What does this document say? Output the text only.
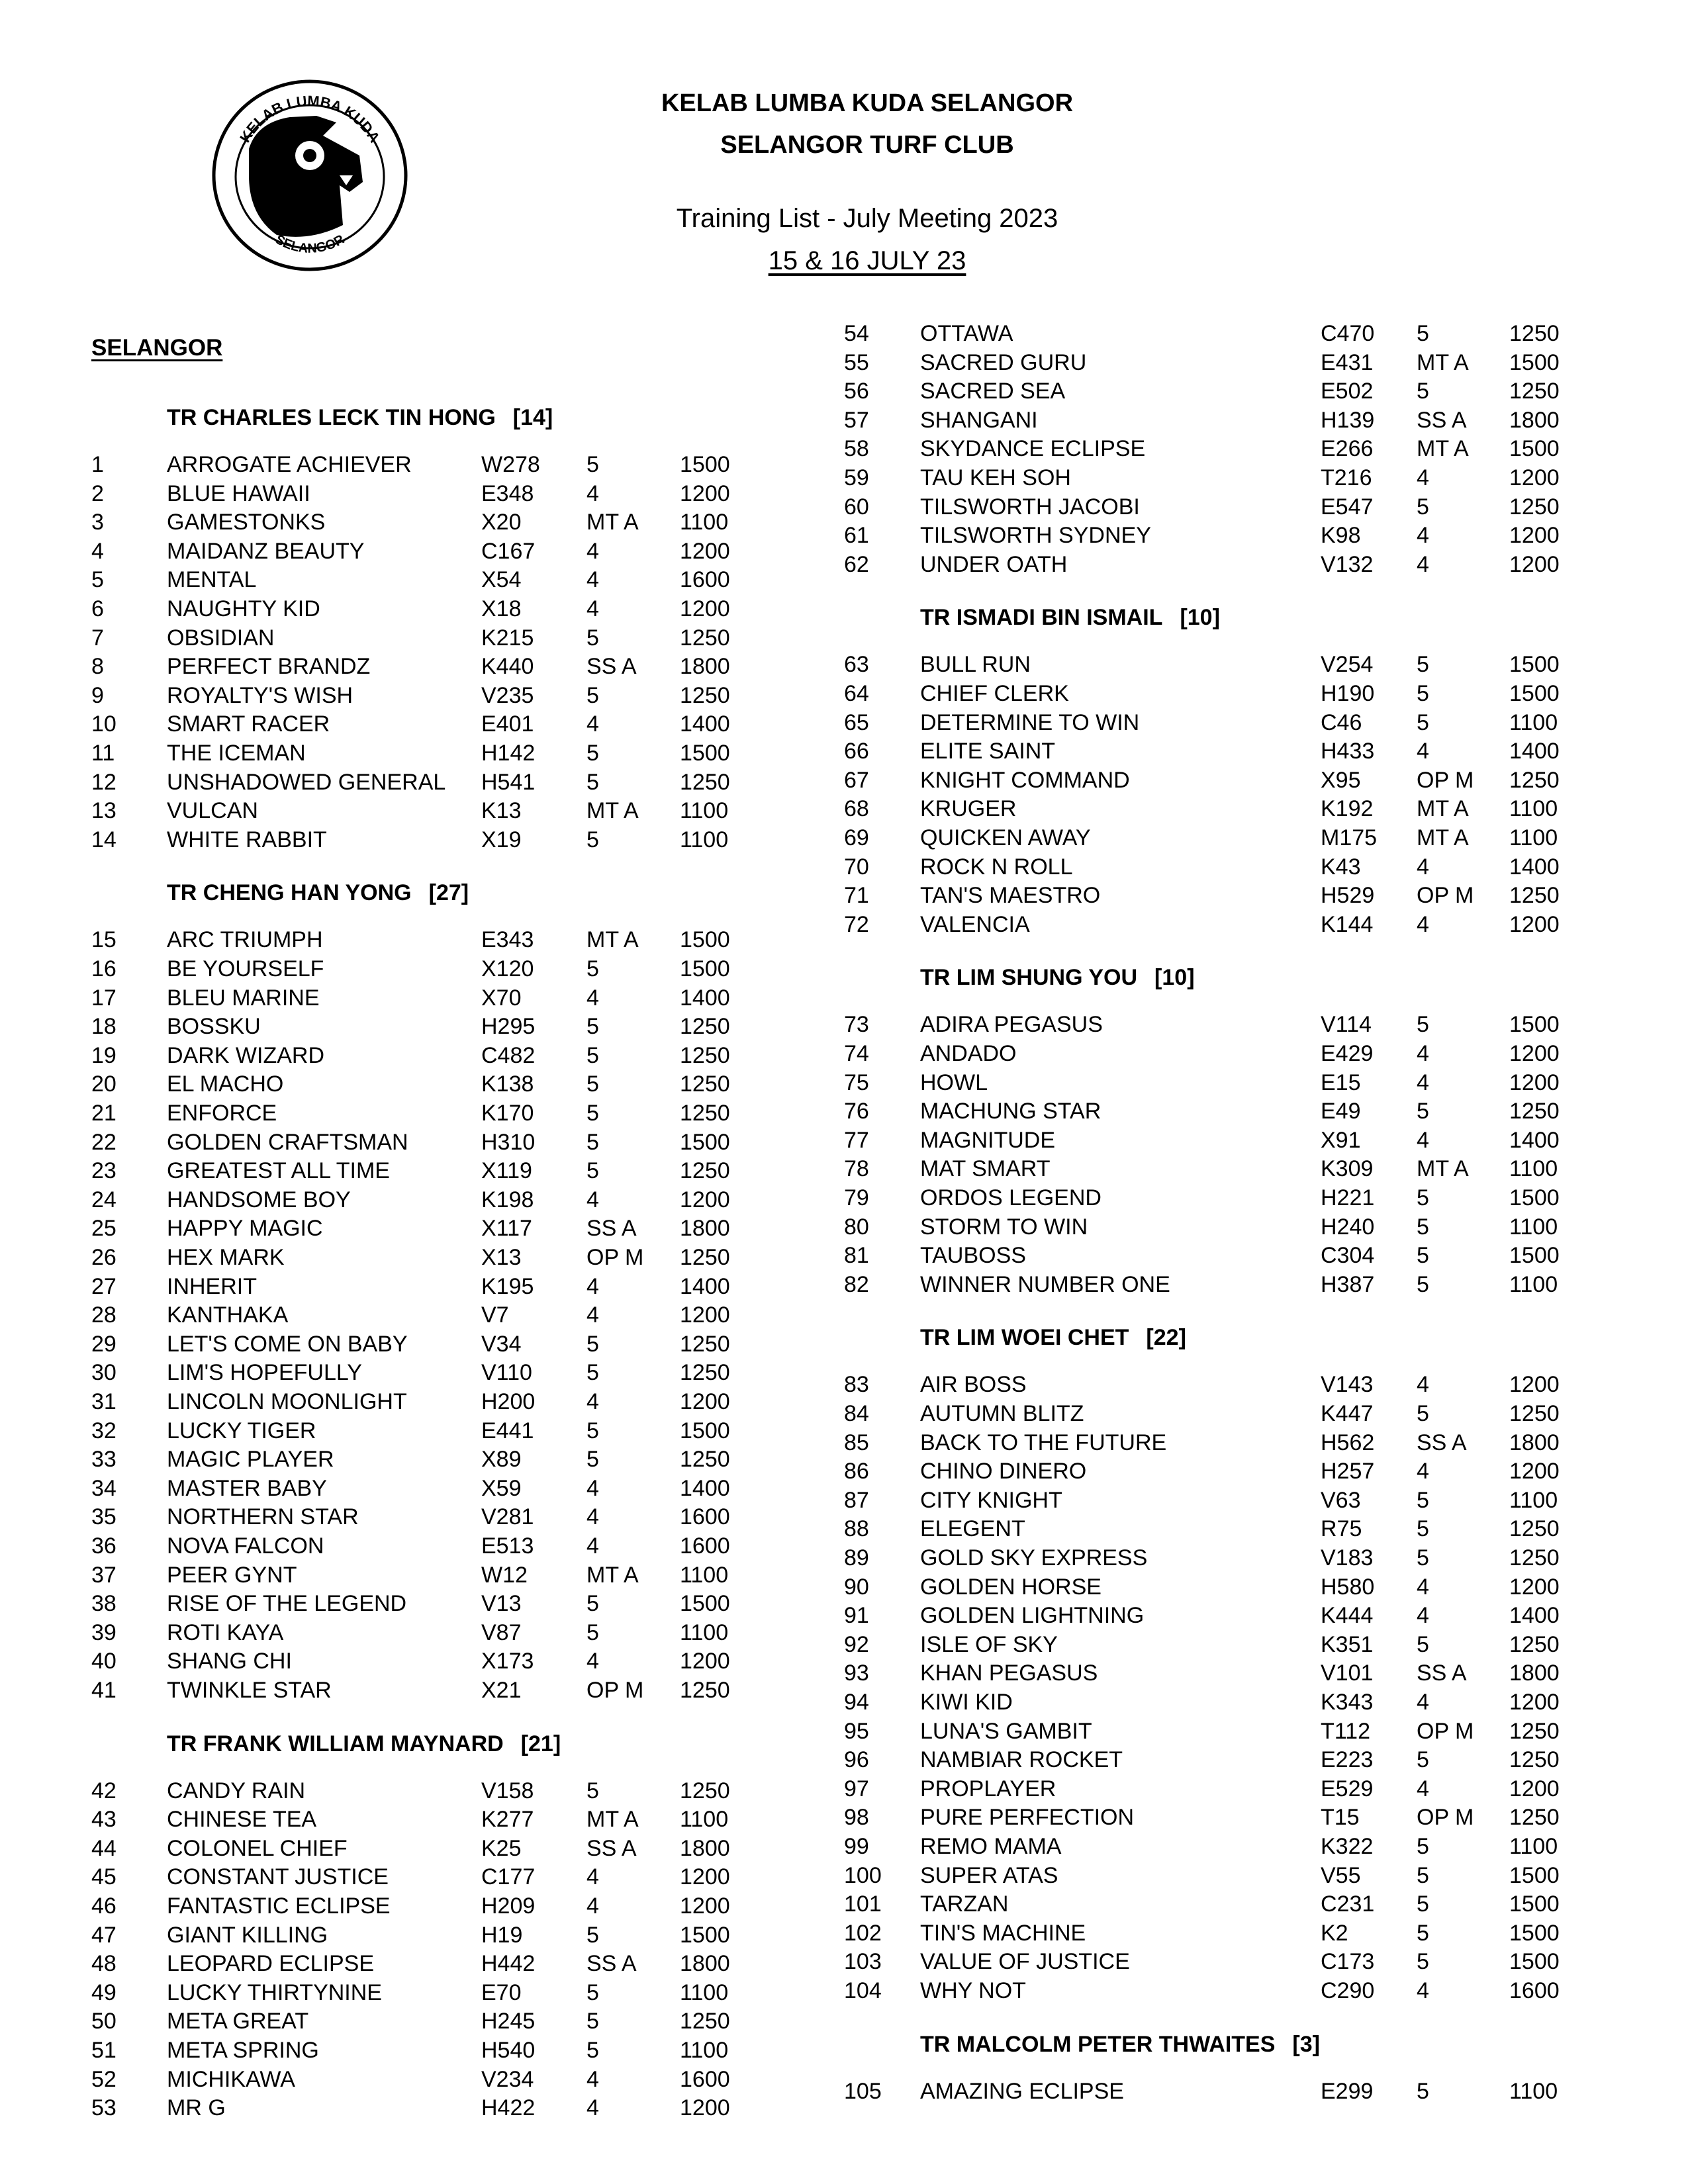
KELAB LUMBA KUDA
SELANGOR
KELAB LUMBA KUDA SELANGOR
SELANGOR TURF CLUB
Training List - July Meeting 2023
15 & 16 JULY 23
SELANGOR
TR CHARLES LECK TIN HONG [14]
1	ARROGATE ACHIEVER	W278 5	1500
2	BLUE HAWAII	E348 4	1200
3	GAMESTONKS	X20	MT A 1100
4	MAIDANZ BEAUTY	C167 4	1200
5	MENTAL	X54	4	1600
6	NAUGHTY KID	X18	4	1200
7	OBSIDIAN	K215 5	1250
8	PERFECT BRANDZ	K440 SS A 1800
9	ROYALTY'S WISH	V235 5	1250
10 SMART RACER	E401 4	1400
11 THE ICEMAN	H142 5	1500
12 UNSHADOWED GENERAL H541 5	1250
13 VULCAN	K13	MT A 1100
14 WHITE RABBIT	X19	5	1100
TR CHENG HAN YONG [27]
15 ARC TRIUMPH	E343 MT A 1500
16 BE YOURSELF	X120 5	1500
17 BLEU MARINE	X70	4	1400
18 BOSSKU	H295 5	1250
19 DARK WIZARD	C482 5	1250
20 EL MACHO	K138 5	1250
21 ENFORCE	K170 5	1250
22 GOLDEN CRAFTSMAN	H310 5	1500
23 GREATEST ALL TIME	X119 5	1250
24 HANDSOME BOY	K198 4	1200
25 HAPPY MAGIC	X117 SS A 1800
26 HEX MARK	X13	OP M 1250
27 INHERIT	K195 4	1400
28 KANTHAKA	V7	4	1200
29 LET'S COME ON BABY	V34	5	1250
30 LIM'S HOPEFULLY	V110 5	1250
31 LINCOLN MOONLIGHT	H200 4	1200
32 LUCKY TIGER	E441 5	1500
33 MAGIC PLAYER	X89	5	1250
34 MASTER BABY	X59	4	1400
35 NORTHERN STAR	V281 4	1600
36 NOVA FALCON	E513 4	1600
37 PEER GYNT	W12	MT A 1100
38 RISE OF THE LEGEND	V13	5	1500
39 ROTI KAYA	V87	5	1100
40 SHANG CHI	X173 4	1200
41 TWINKLE STAR	X21	OP M 1250
TR FRANK WILLIAM MAYNARD [21]
42 CANDY RAIN	V158 5	1250
43 CHINESE TEA	K277 MT A 1100
44 COLONEL CHIEF	K25	SS A 1800
45 CONSTANT JUSTICE	C177 4	1200
46 FANTASTIC ECLIPSE	H209 4	1200
47 GIANT KILLING	H19	5	1500
48 LEOPARD ECLIPSE	H442 SS A 1800
49 LUCKY THIRTYNINE	E70	5	1100
50 META GREAT	H245 5	1250
51 META SPRING	H540 5	1100
52 MICHIKAWA	V234 4	1600
53 MR G	H422 4	1200
54 OTTAWA	C470 5	1250
55 SACRED GURU	E431 MT A 1500
56 SACRED SEA	E502 5	1250
57 SHANGANI	H139 SS A 1800
58 SKYDANCE ECLIPSE	E266 MT A 1500
59 TAU KEH SOH	T216 4	1200
60 TILSWORTH JACOBI	E547 5	1250
61 TILSWORTH SYDNEY	K98 4	1200
62 UNDER OATH	V132 4	1200
TR ISMADI BIN ISMAIL [10]
63 BULL RUN	V254 5	1500
64 CHIEF CLERK	H190 5	1500
65 DETERMINE TO WIN	C46 5	1100
66 ELITE SAINT	H433 4	1400
67 KNIGHT COMMAND	X95 OP M 1250
68 KRUGER	K192 MT A 1100
69 QUICKEN AWAY	M175 MT A 1100
70 ROCK N ROLL	K43 4	1400
71 TAN'S MAESTRO	H529 OP M 1250
72 VALENCIA	K144 4	1200
TR LIM SHUNG YOU [10]
73 ADIRA PEGASUS	V114 5	1500
74 ANDADO	E429 4	1200
75 HOWL	E15 4	1200
76 MACHUNG STAR	E49 5	1250
77 MAGNITUDE	X91 4	1400
78 MAT SMART	K309 MT A 1100
79 ORDOS LEGEND	H221 5	1500
80 STORM TO WIN	H240 5	1100
81 TAUBOSS	C304 5	1500
82 WINNER NUMBER ONE	H387 5	1100
TR LIM WOEI CHET [22]
83 AIR BOSS	V143 4	1200
84 AUTUMN BLITZ	K447 5	1250
85 BACK TO THE FUTURE	H562 SS A 1800
86 CHINO DINERO	H257 4	1200
87 CITY KNIGHT	V63 5	1100
88 ELEGENT	R75 5	1250
89 GOLD SKY EXPRESS	V183 5	1250
90 GOLDEN HORSE	H580 4	1200
91 GOLDEN LIGHTNING	K444 4	1400
92 ISLE OF SKY	K351 5	1250
93 KHAN PEGASUS	V101 SS A 1800
94 KIWI KID	K343 4	1200
95 LUNA'S GAMBIT	T112 OP M 1250
96 NAMBIAR ROCKET	E223 5	1250
97 PROPLAYER	E529 4	1200
98 PURE PERFECTION	T15	OP M 1250
99 REMO MAMA	K322 5	1100
100 SUPER ATAS	V55 5	1500
101 TARZAN	C231 5	1500
102 TIN'S MACHINE	K2	5	1500
103 VALUE OF JUSTICE	C173 5	1500
104 WHY NOT	C290 4	1600
TR MALCOLM PETER THWAITES [3]
105 AMAZING ECLIPSE	E299 5	1100
